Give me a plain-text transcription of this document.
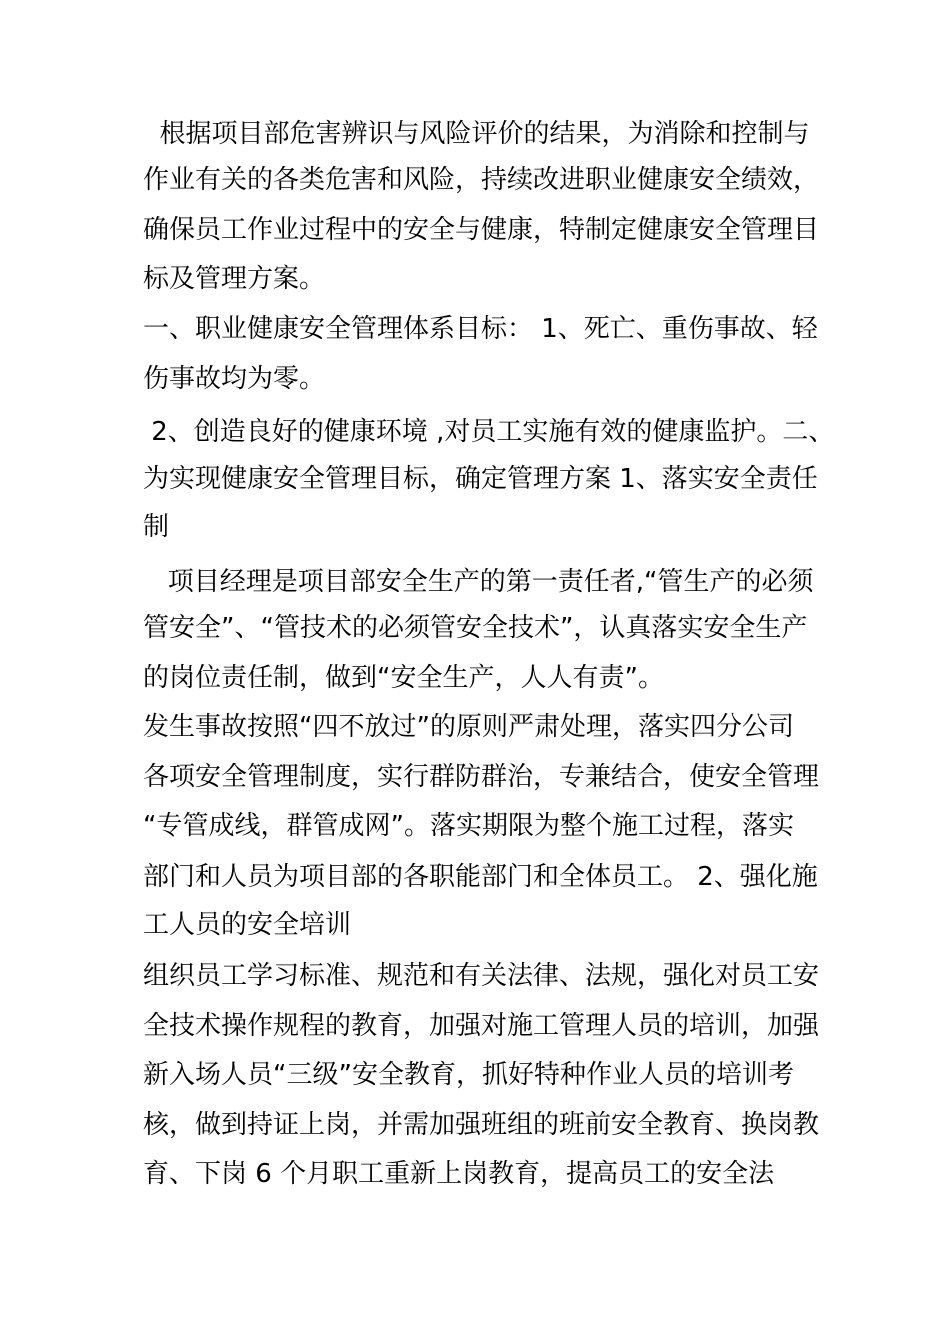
根据项目部危害辨识与风险评价的结果，为消除和控制与
作业有关的各类危害和风险，持续改进职业健康安全绩效，
确保员工作业过程中的安全与健康，特制定健康安全管理目
标及管理方案。
一、职业健康安全管理体系目标： 1、死亡、重伤事故、轻
伤事故均为零。
2、创造良好的健康环境 ,对员工实施有效的健康监护。二、
为实现健康安全管理目标，确定管理方案 1、落实安全责任
制
项目经理是项目部安全生产的第一责任者,“管生产的必须
管安全”、“管技术的必须管安全技术”，认真落实安全生产
的岗位责任制，做到“安全生产，人人有责”。
发生事故按照“四不放过”的原则严肃处理，落实四分公司
各项安全管理制度，实行群防群治，专兼结合，使安全管理
“专管成线，群管成网”。落实期限为整个施工过程，落实
部门和人员为项目部的各职能部门和全体员工。 2、强化施
工人员的安全培训
组织员工学习标准、规范和有关法律、法规，强化对员工安
全技术操作规程的教育，加强对施工管理人员的培训，加强
新入场人员“三级”安全教育，抓好特种作业人员的培训考
核，做到持证上岗，并需加强班组的班前安全教育、换岗教
育、下岗 6 个月职工重新上岗教育，提高员工的安全法
